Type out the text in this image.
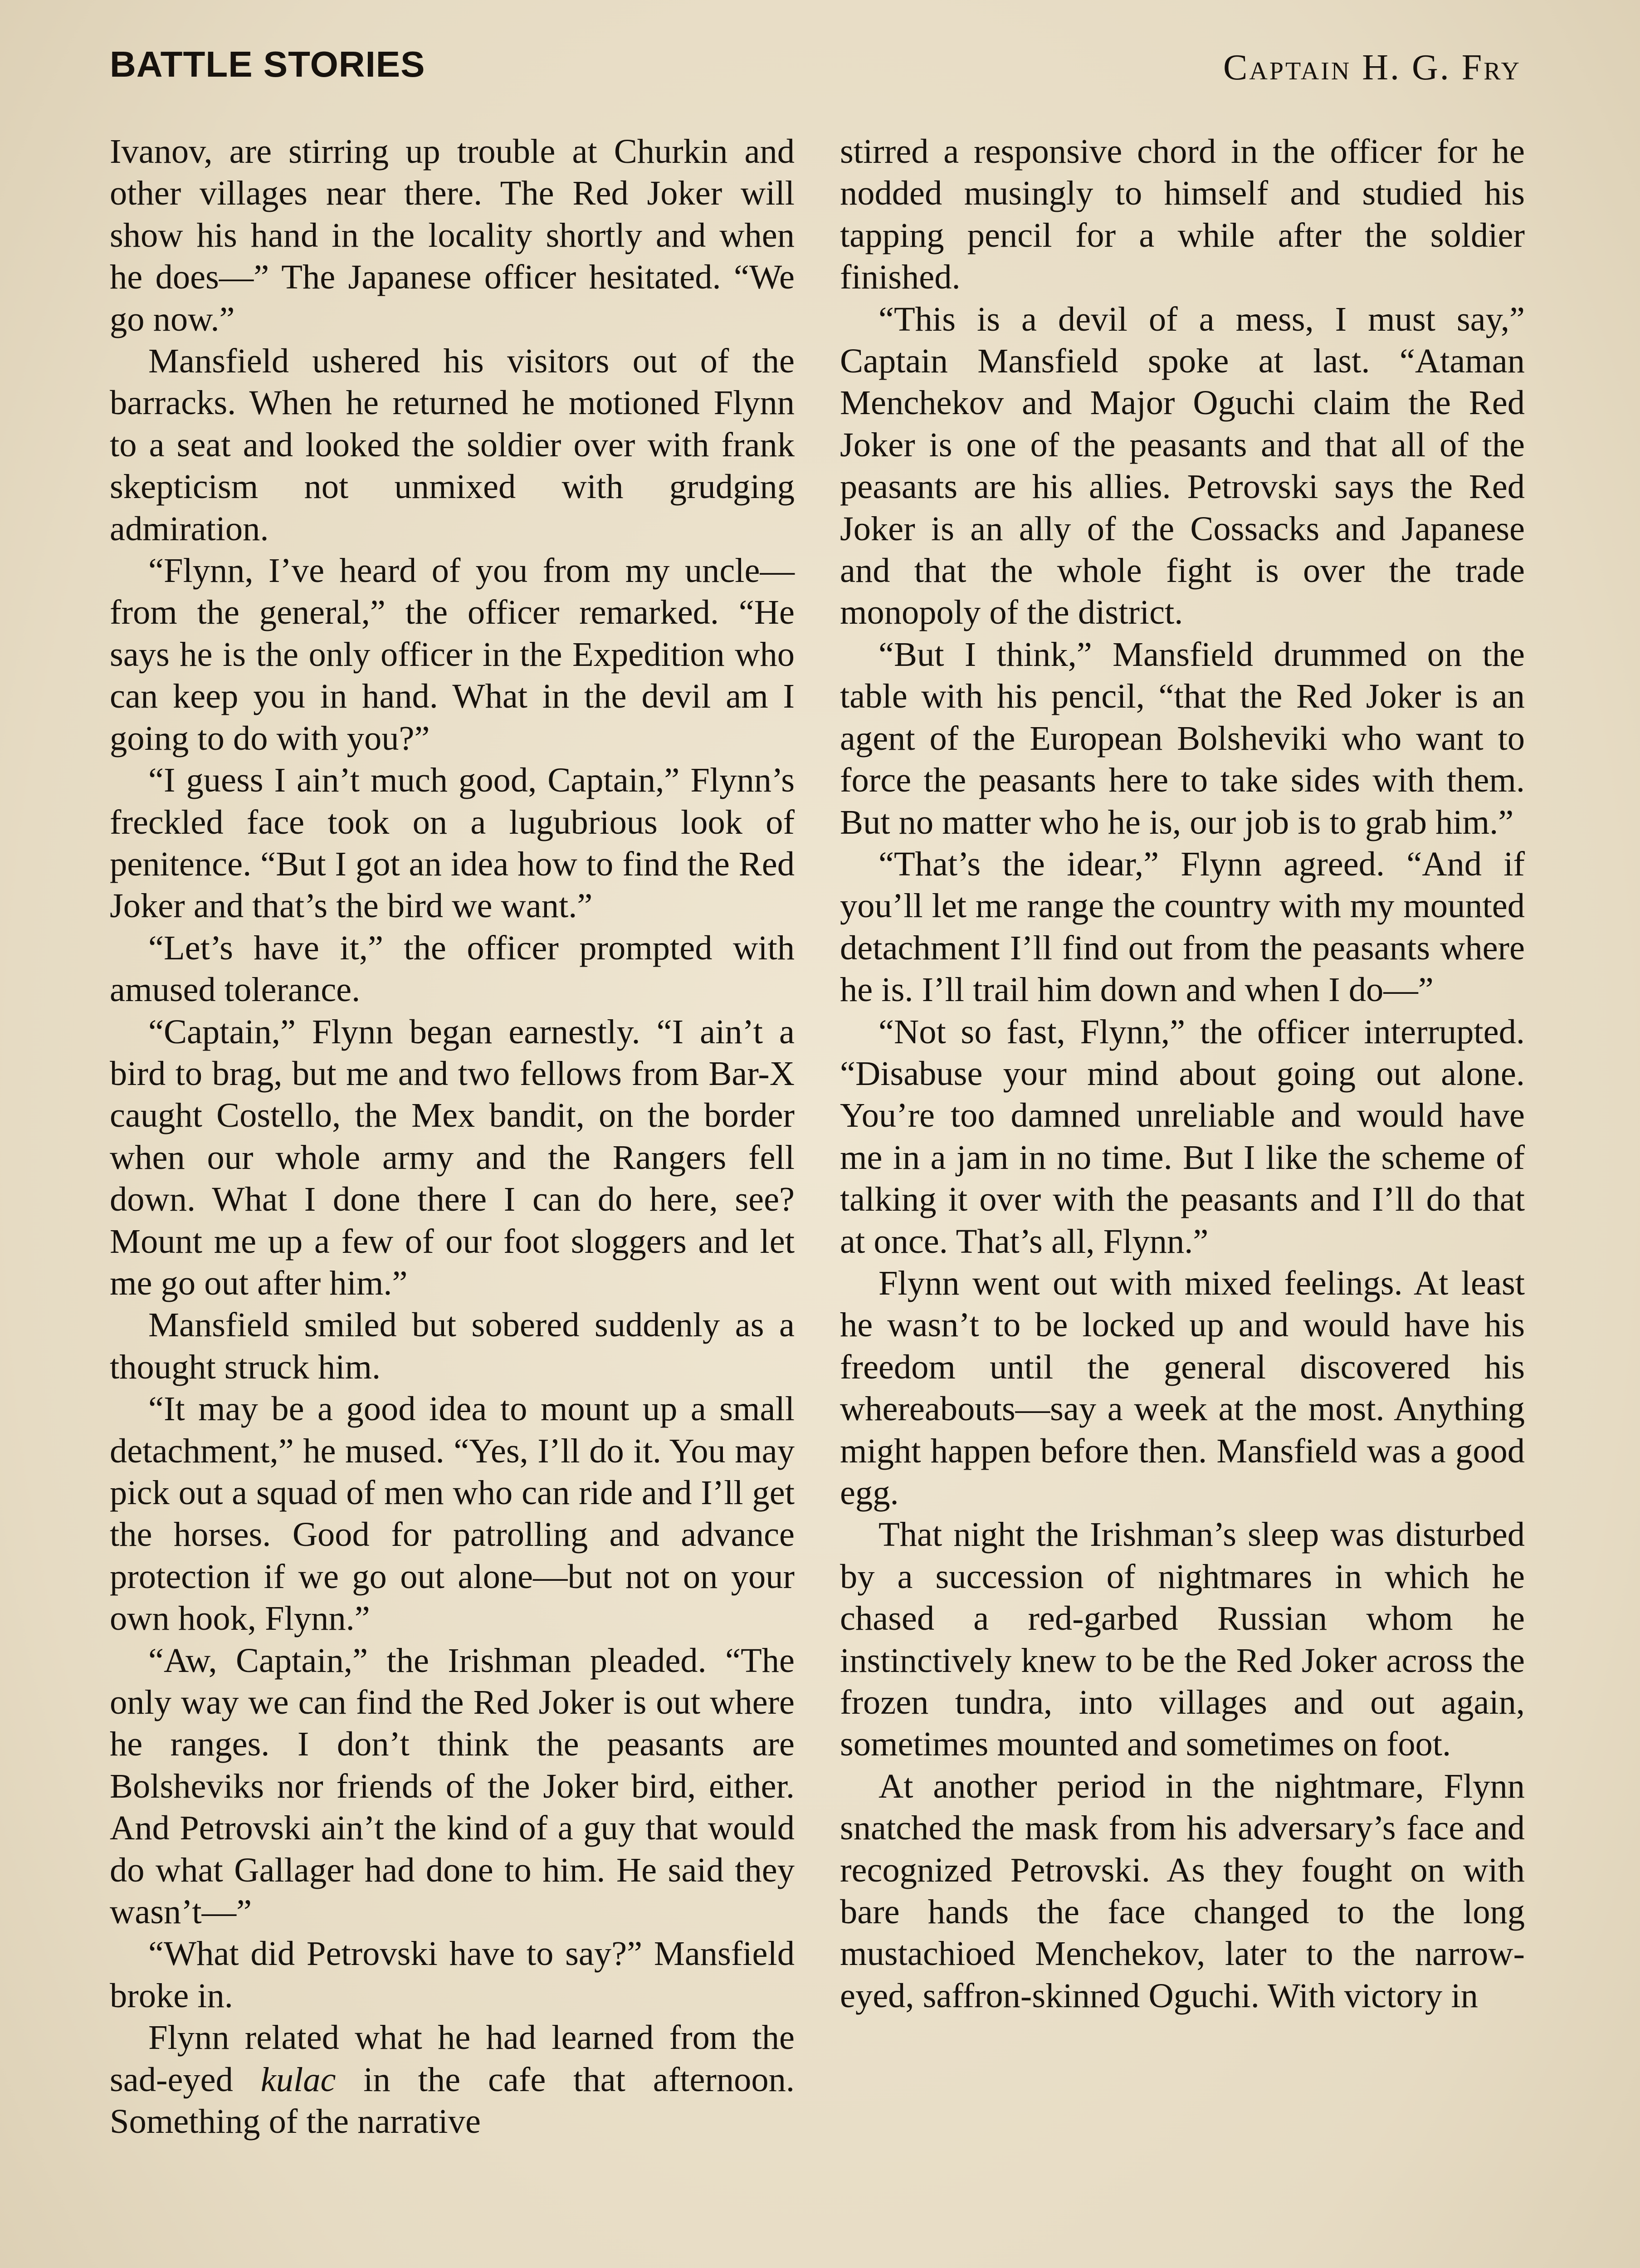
BATTLE STORIES	Captain H. G. Fry

Ivanov, are stirring up trouble at Churkin and other villages near there. The Red Joker will show his hand in the locality shortly and when he does—” The Japanese officer hesitated. “We go now.”

Mansfield ushered his visitors out of the barracks. When he returned he motioned Flynn to a seat and looked the soldier over with frank skepticism not unmixed with grudging admiration.

“Flynn, I’ve heard of you from my uncle—from the general,” the officer remarked. “He says he is the only officer in the Expedition who can keep you in hand. What in the devil am I going to do with you?”

“I guess I ain’t much good, Captain,” Flynn’s freckled face took on a lugubrious look of penitence. “But I got an idea how to find the Red Joker and that’s the bird we want.”

“Let’s have it,” the officer prompted with amused tolerance.

“Captain,” Flynn began earnestly. “I ain’t a bird to brag, but me and two fellows from Bar-X caught Costello, the Mex bandit, on the border when our whole army and the Rangers fell down. What I done there I can do here, see? Mount me up a few of our foot sloggers and let me go out after him.”

Mansfield smiled but sobered suddenly as a thought struck him.

“It may be a good idea to mount up a small detachment,” he mused. “Yes, I’ll do it. You may pick out a squad of men who can ride and I’ll get the horses. Good for patrolling and advance protection if we go out alone—but not on your own hook, Flynn.”

“Aw, Captain,” the Irishman pleaded. “The only way we can find the Red Joker is out where he ranges. I don’t think the peasants are Bolsheviks nor friends of the Joker bird, either. And Petrovski ain’t the kind of a guy that would do what Gallager had done to him. He said they wasn’t—”

“What did Petrovski have to say?” Mansfield broke in.

Flynn related what he had learned from the sad-eyed kulac in the cafe that afternoon. Something of the narrative

stirred a responsive chord in the officer for he nodded musingly to himself and studied his tapping pencil for a while after the soldier finished.

“This is a devil of a mess, I must say,” Captain Mansfield spoke at last. “Ataman Menchekov and Major Oguchi claim the Red Joker is one of the peasants and that all of the peasants are his allies. Petrovski says the Red Joker is an ally of the Cossacks and Japanese and that the whole fight is over the trade monopoly of the district.

“But I think,” Mansfield drummed on the table with his pencil, “that the Red Joker is an agent of the European Bolsheviki who want to force the peasants here to take sides with them. But no matter who he is, our job is to grab him.”

“That’s the idear,” Flynn agreed. “And if you’ll let me range the country with my mounted detachment I’ll find out from the peasants where he is. I’ll trail him down and when I do—”

“Not so fast, Flynn,” the officer interrupted. “Disabuse your mind about going out alone. You’re too damned unreliable and would have me in a jam in no time. But I like the scheme of talking it over with the peasants and I’ll do that at once. That’s all, Flynn.”

Flynn went out with mixed feelings. At least he wasn’t to be locked up and would have his freedom until the general discovered his whereabouts—say a week at the most. Anything might happen before then. Mansfield was a good egg.

That night the Irishman’s sleep was disturbed by a succession of nightmares in which he chased a red-garbed Russian whom he instinctively knew to be the Red Joker across the frozen tundra, into villages and out again, sometimes mounted and sometimes on foot.

At another period in the nightmare, Flynn snatched the mask from his adversary’s face and recognized Petrovski. As they fought on with bare hands the face changed to the long mustachioed Menchekov, later to the narrow-eyed, saffron-skinned Oguchi. With victory in
